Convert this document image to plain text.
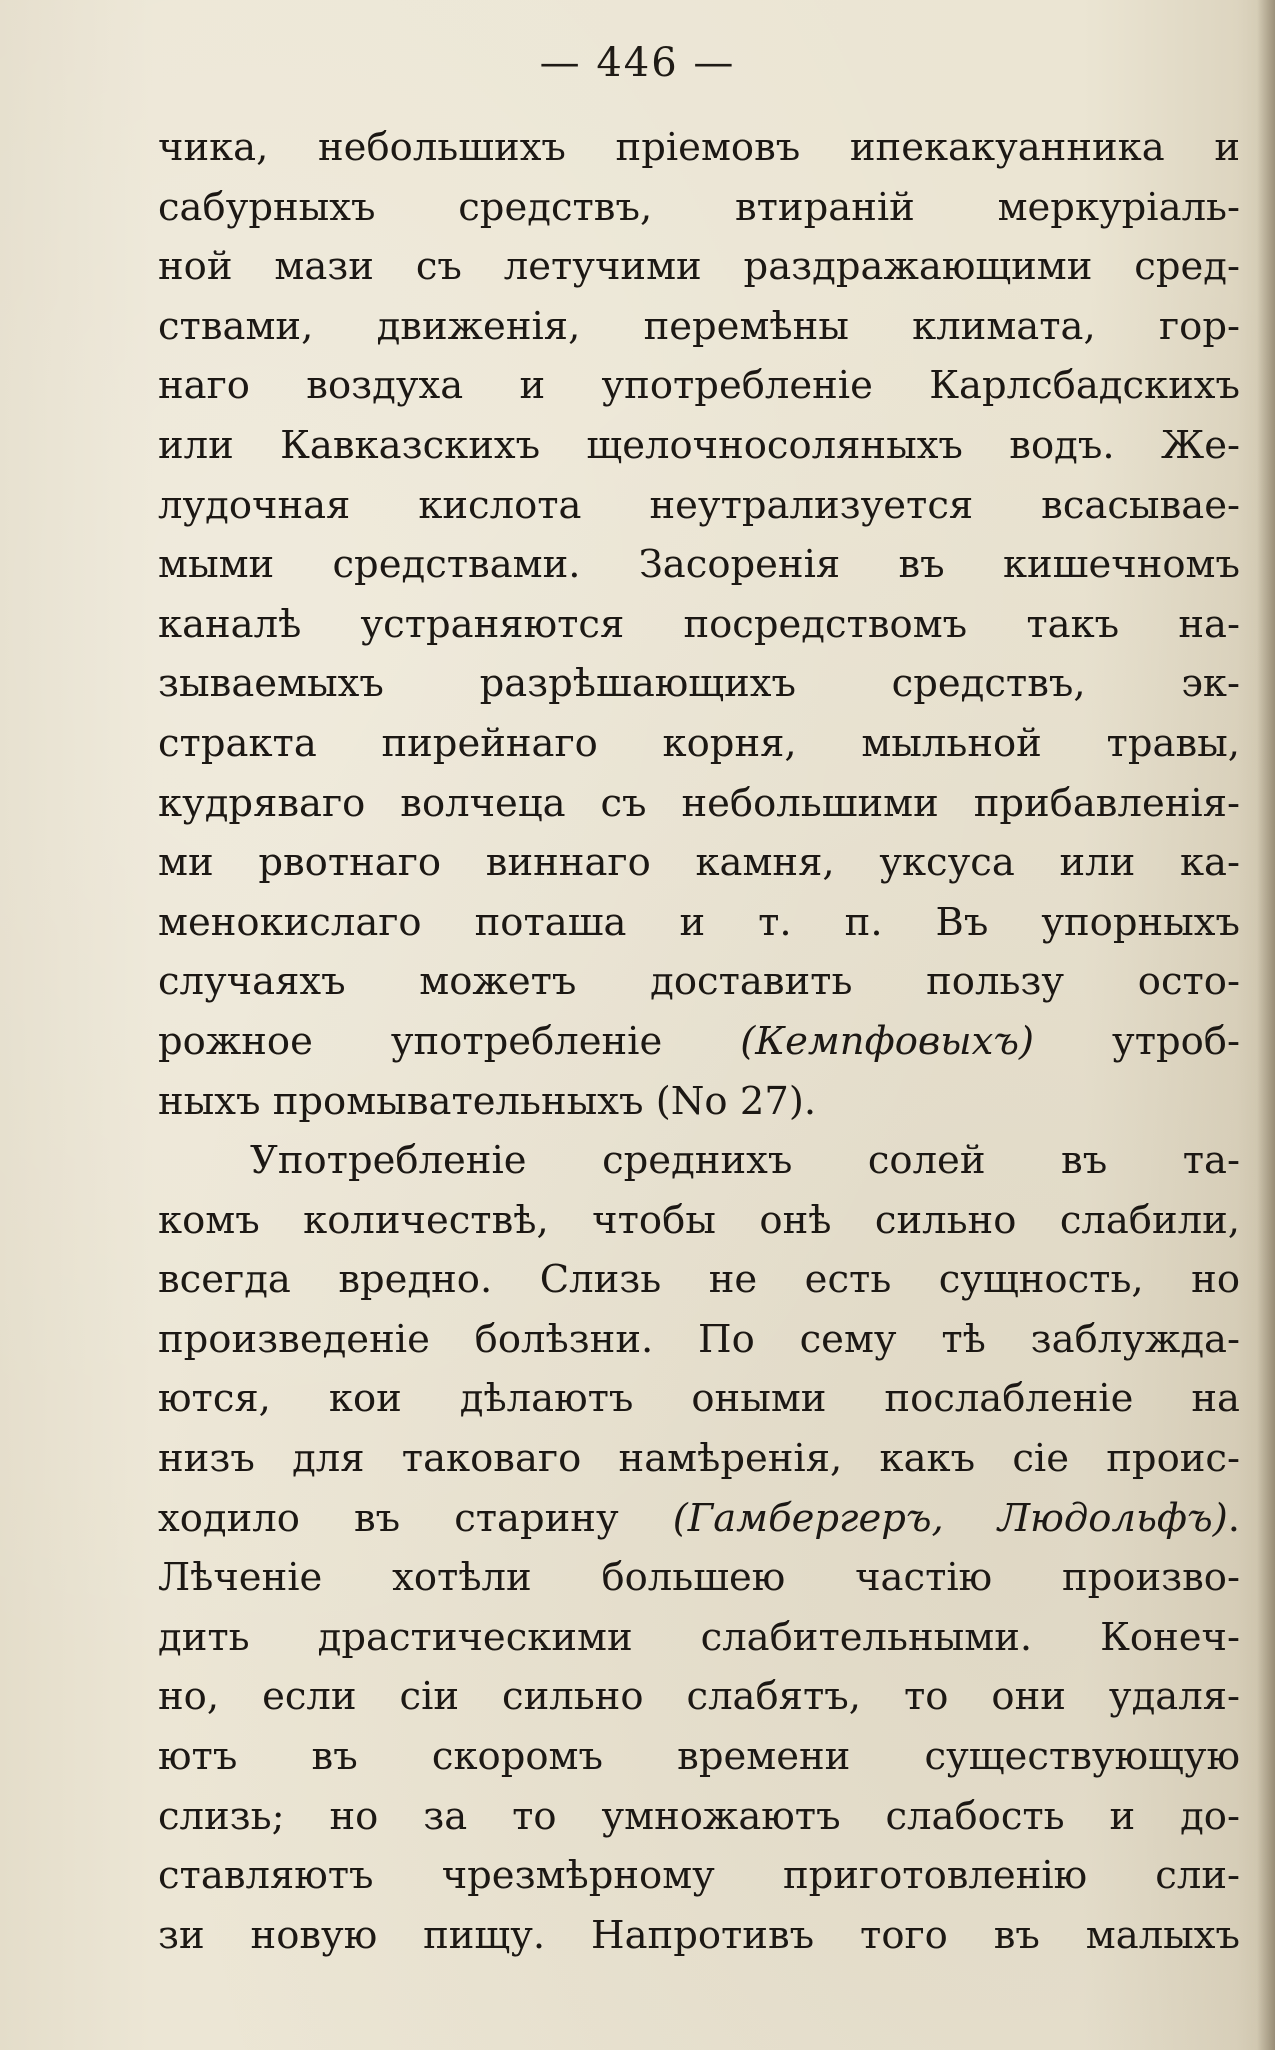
— 446 —
чика, небольшихъ пріемовъ ипекакуанника и
сабурныхъ средствъ, втираній меркуріаль-
ной мази съ летучими раздражающими сред-
ствами, движенія, перемѣны климата, гор-
наго воздуха и употребленіе Карлсбадскихъ
или Кавказскихъ щелочносоляныхъ водъ. Же-
лудочная кислота неутрализуется всасывае-
мыми средствами. Засоренія въ кишечномъ
каналѣ устраняются посредствомъ такъ на-
зываемыхъ разрѣшающихъ средствъ, эк-
стракта пирейнаго корня, мыльной травы,
кудряваго волчеца съ небольшими прибавленія-
ми рвотнаго виннаго камня, уксуса или ка-
менокислаго поташа и т. п. Въ упорныхъ
случаяхъ можетъ доставить пользу осто-
рожное употребленіе (Кемпфовыхъ) утроб-
ныхъ промывательныхъ (No 27).
Употребленіе среднихъ солей въ та-
комъ количествѣ, чтобы онѣ сильно слабили,
всегда вредно. Слизь не есть сущность, но
произведеніе болѣзни. По сему тѣ заблужда-
ются, кои дѣлаютъ оными послабленіе на
низъ для таковаго намѣренія, какъ сіе проис-
ходило въ старину (Гамбергеръ, Людольфъ).
Лѣченіе хотѣли большею частію произво-
дить драстическими слабительными. Конеч-
но, если сіи сильно слабятъ, то они удаля-
ютъ въ скоромъ времени существующую
слизь; но за то умножаютъ слабость и до-
ставляютъ чрезмѣрному приготовленію сли-
зи новую пищу. Напротивъ того въ малыхъ
